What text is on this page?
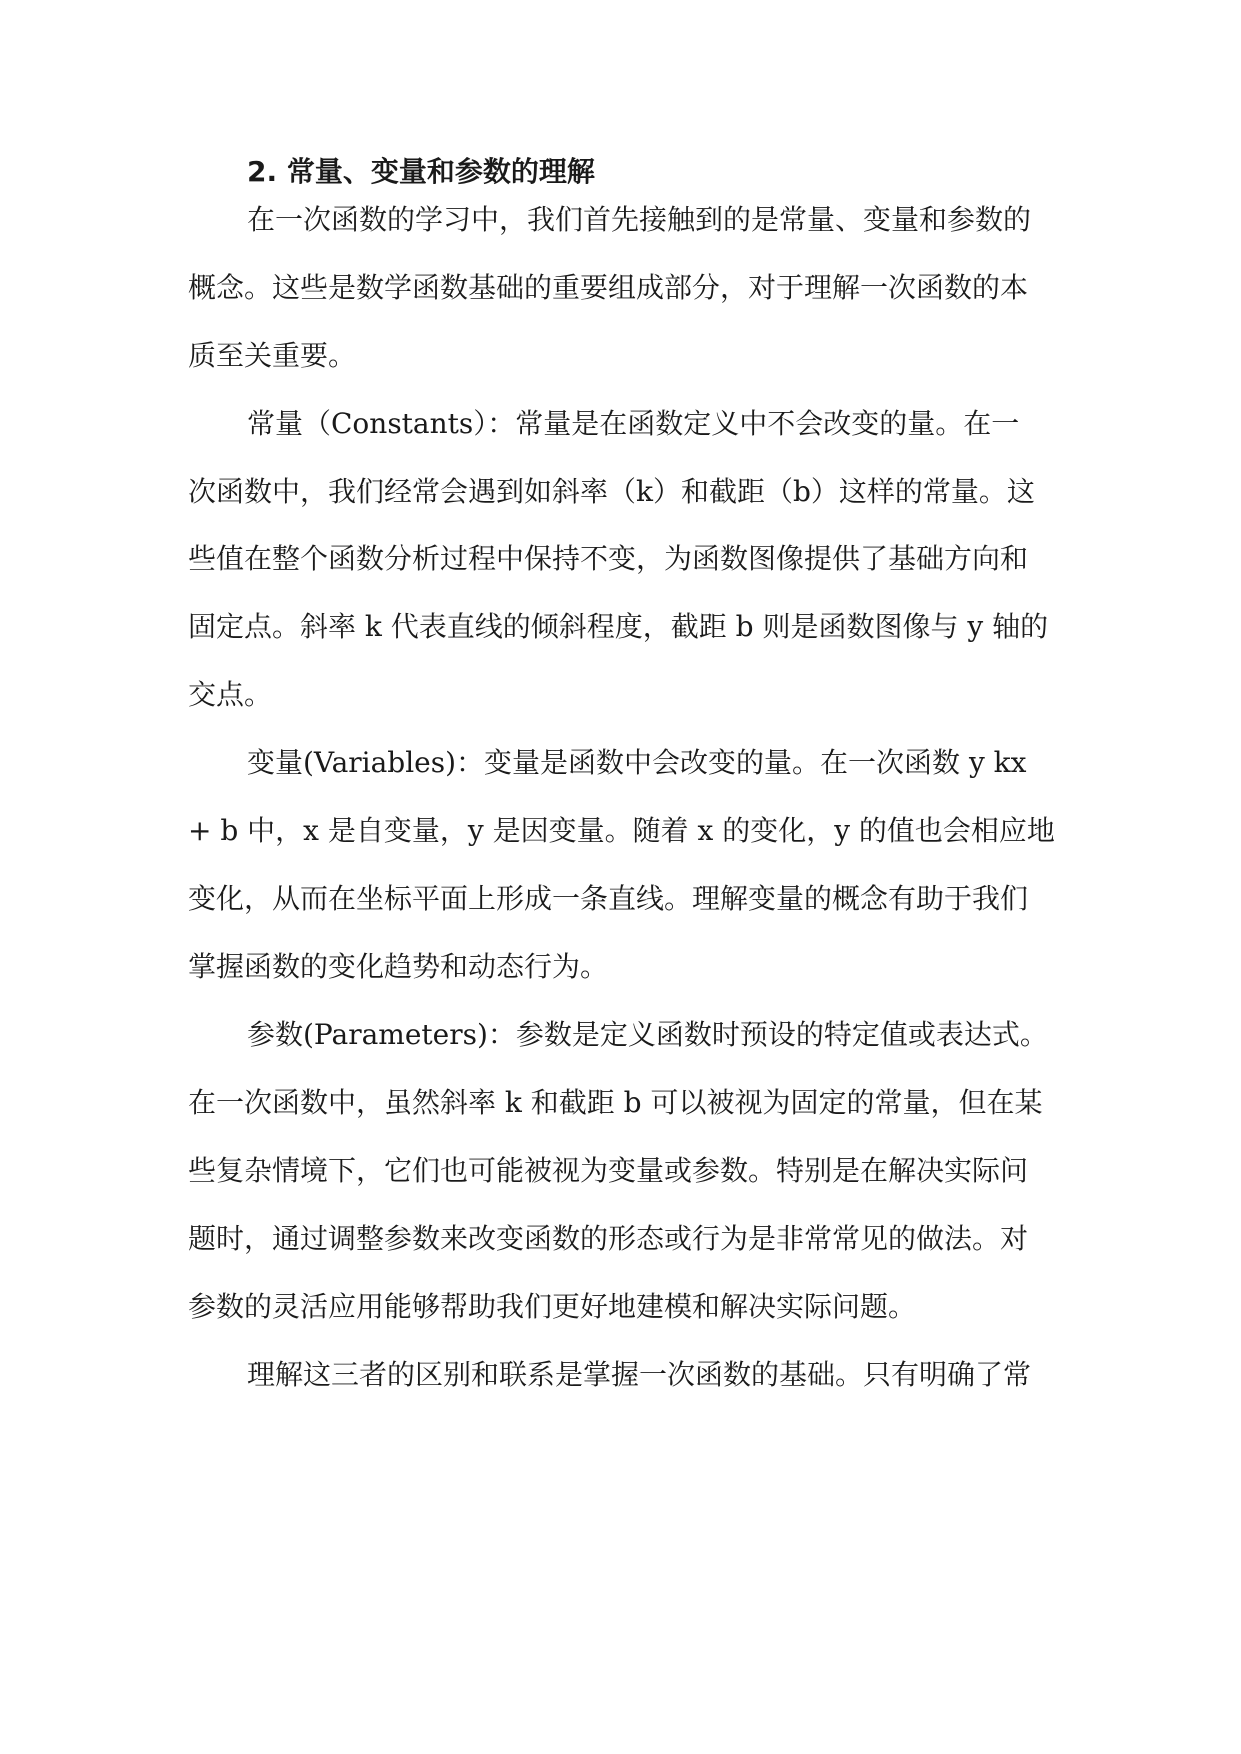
2. 常量、变量和参数的理解

在一次函数的学习中，我们首先接触到的是常量、变量和参数的

概念。这些是数学函数基础的重要组成部分，对于理解一次函数的本

质至关重要。

常量（Constants）：常量是在函数定义中不会改变的量。在一

次函数中，我们经常会遇到如斜率（k）和截距（b）这样的常量。这

些值在整个函数分析过程中保持不变，为函数图像提供了基础方向和

固定点。斜率 k 代表直线的倾斜程度，截距 b 则是函数图像与 y 轴的

交点。

变量(Variables)：变量是函数中会改变的量。在一次函数 y kx

+ b 中，x 是自变量，y 是因变量。随着 x 的变化，y 的值也会相应地

变化，从而在坐标平面上形成一条直线。理解变量的概念有助于我们

掌握函数的变化趋势和动态行为。

参数(Parameters)：参数是定义函数时预设的特定值或表达式。

在一次函数中，虽然斜率 k 和截距 b 可以被视为固定的常量，但在某

些复杂情境下，它们也可能被视为变量或参数。特别是在解决实际问

题时，通过调整参数来改变函数的形态或行为是非常常见的做法。对

参数的灵活应用能够帮助我们更好地建模和解决实际问题。

理解这三者的区别和联系是掌握一次函数的基础。只有明确了常
